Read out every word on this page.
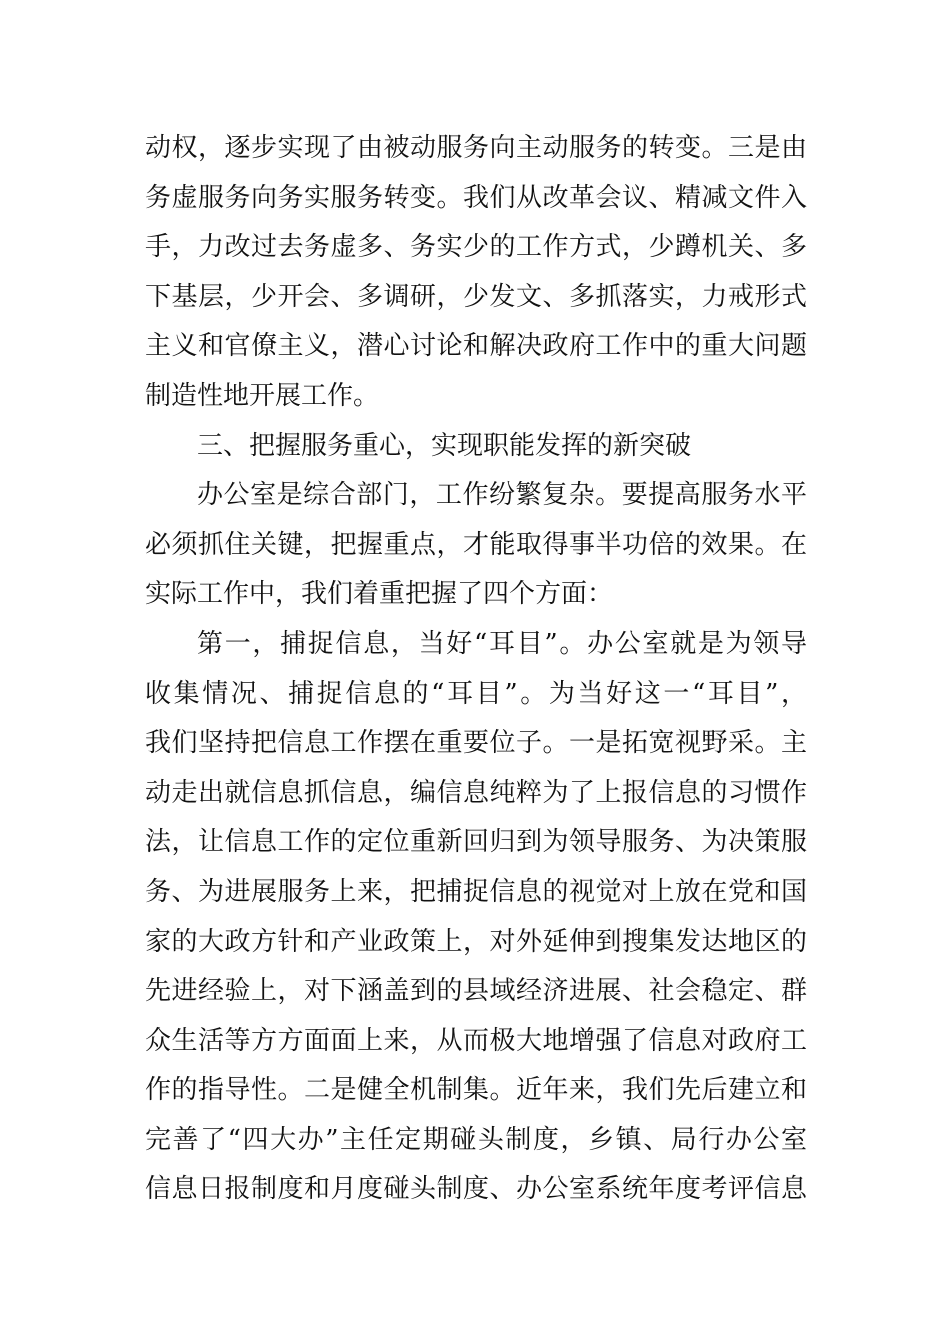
动权，逐步实现了由被动服务向主动服务的转变。三是由
务虚服务向务实服务转变。我们从改革会议、精减文件入
手，力改过去务虚多、务实少的工作方式，少蹲机关、多
下基层，少开会、多调研，少发文、多抓落实，力戒形式
主义和官僚主义，潜心讨论和解决政府工作中的重大问题
制造性地开展工作。
三、把握服务重心，实现职能发挥的新突破
办公室是综合部门，工作纷繁复杂。要提高服务水平
必须抓住关键，把握重点，才能取得事半功倍的效果。在
实际工作中，我们着重把握了四个方面：
第一，捕捉信息，当好“耳目”。办公室就是为领导
收集情况、捕捉信息的“耳目”。为当好这一“耳目”，
我们坚持把信息工作摆在重要位子。一是拓宽视野采。主
动走出就信息抓信息，编信息纯粹为了上报信息的习惯作
法，让信息工作的定位重新回归到为领导服务、为决策服
务、为进展服务上来，把捕捉信息的视觉对上放在党和国
家的大政方针和产业政策上，对外延伸到搜集发达地区的
先进经验上，对下涵盖到的县域经济进展、社会稳定、群
众生活等方方面面上来，从而极大地增强了信息对政府工
作的指导性。二是健全机制集。近年来，我们先后建立和
完善了“四大办”主任定期碰头制度，乡镇、局行办公室
信息日报制度和月度碰头制度、办公室系统年度考评信息
